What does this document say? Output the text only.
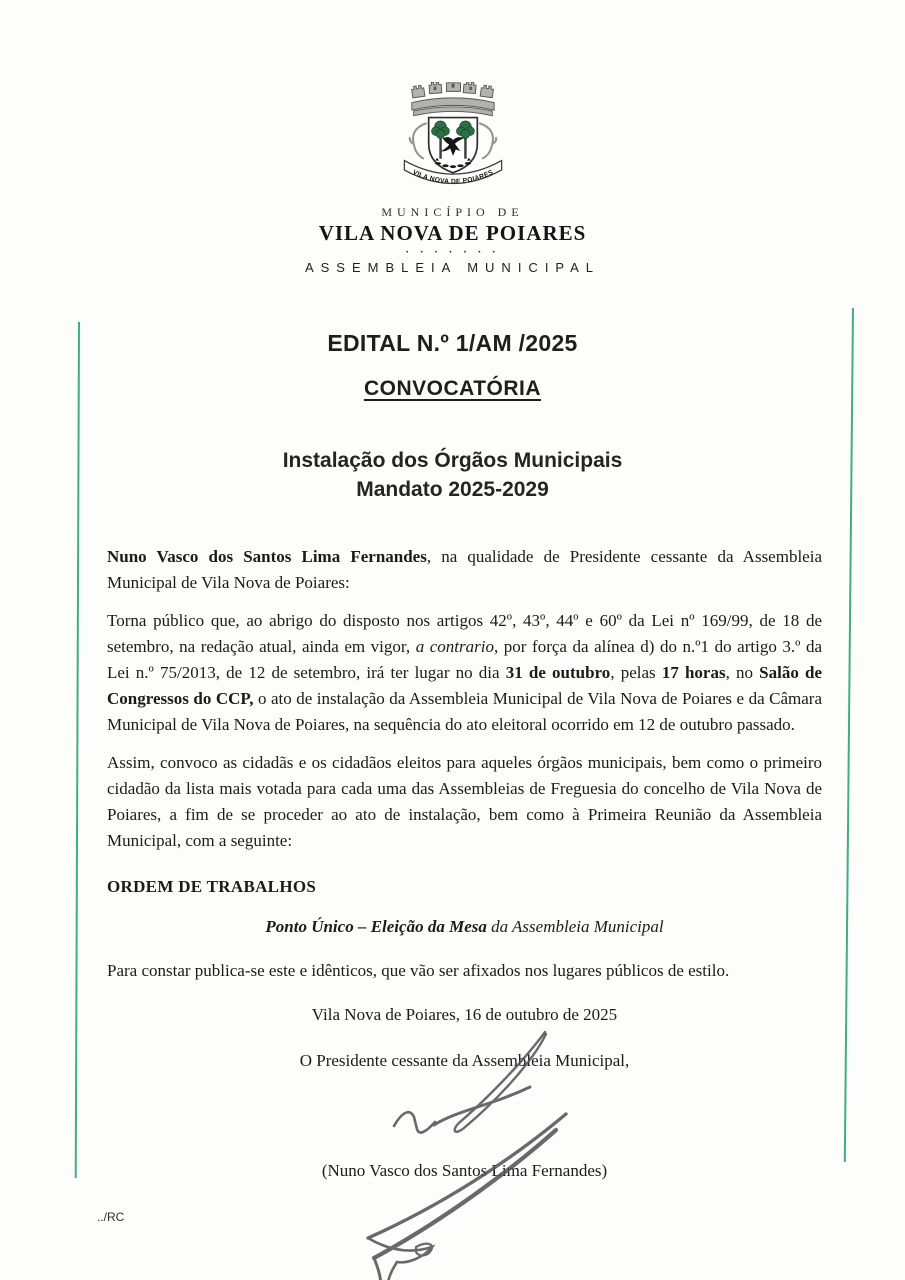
VILA NOVA DE POIARES
MUNICÍPIO DE
VILA NOVA DE POIARES
· · · · · · ·
ASSEMBLEIA MUNICIPAL
EDITAL N.º 1/AM /2025
CONVOCATÓRIA
Instalação dos Órgãos Municipais
Mandato 2025-2029

Nuno Vasco dos Santos Lima Fernandes, na qualidade de Presidente cessante da Assembleia Municipal de Vila Nova de Poiares:

Torna público que, ao abrigo do disposto nos artigos 42º, 43º, 44º e 60º da Lei nº 169/99, de 18 de setembro, na redação atual, ainda em vigor, a contrario, por força da alínea d) do n.º1 do artigo 3.º da Lei n.º 75/2013, de 12 de setembro, irá ter lugar no dia 31 de outubro, pelas 17 horas, no Salão de Congressos do CCP, o ato de instalação da Assembleia Municipal de Vila Nova de Poiares e da Câmara Municipal de Vila Nova de Poiares, na sequência do ato eleitoral ocorrido em 12 de outubro passado.

Assim, convoco as cidadãs e os cidadãos eleitos para aqueles órgãos municipais, bem como o primeiro cidadão da lista mais votada para cada uma das Assembleias de Freguesia do concelho de Vila Nova de Poiares, a fim de se proceder ao ato de instalação, bem como à Primeira Reunião da Assembleia Municipal, com a seguinte:

ORDEM DE TRABALHOS

Ponto Único – Eleição da Mesa da Assembleia Municipal

Para constar publica-se este e idênticos, que vão ser afixados nos lugares públicos de estilo.

Vila Nova de Poiares, 16 de outubro de 2025

O Presidente cessante da Assembleia Municipal,

(Nuno Vasco dos Santos Lima Fernandes)

../RC
